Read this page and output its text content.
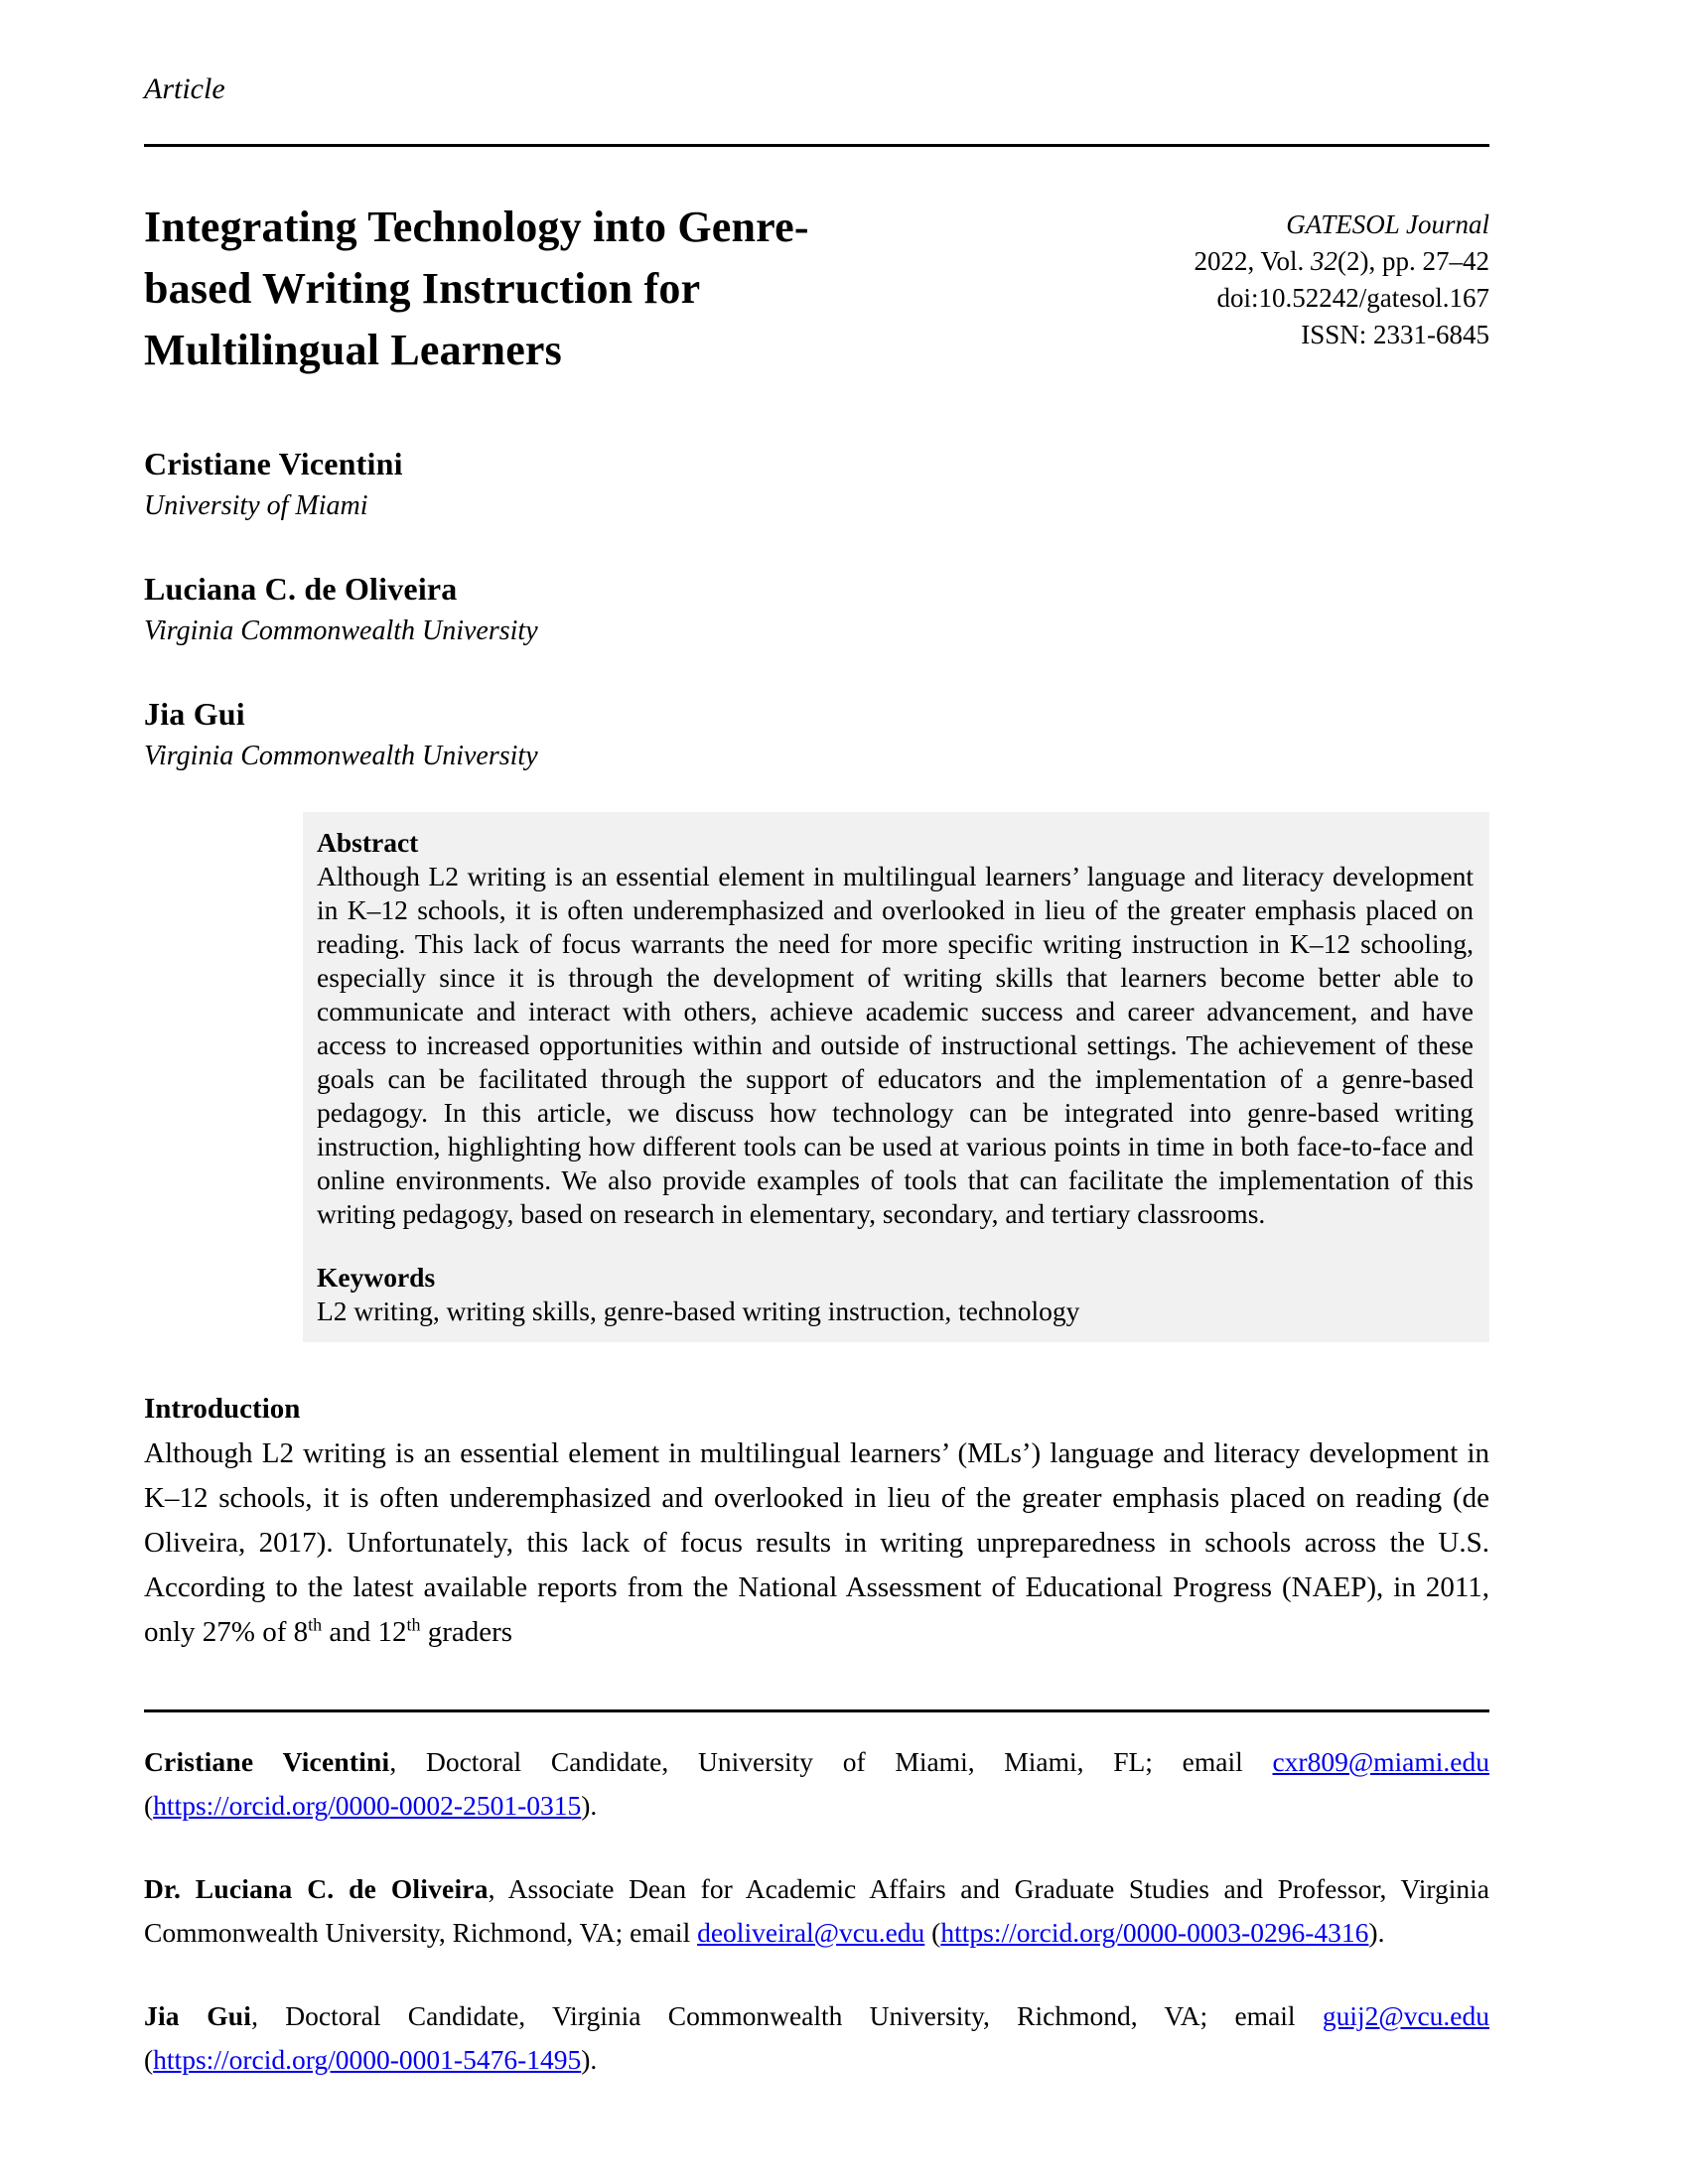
Article
Integrating Technology into Genre-
based Writing Instruction for
Multilingual Learners
GATESOL Journal
2022, Vol. 32(2), pp. 27–42
doi:10.52242/gatesol.167
ISSN: 2331-6845
Cristiane Vicentini
University of Miami
Luciana C. de Oliveira
Virginia Commonwealth University
Jia Gui
Virginia Commonwealth University
Abstract
Although L2 writing is an essential element in multilingual learners’ language and literacy development in K–12 schools, it is often underemphasized and overlooked in lieu of the greater emphasis placed on reading. This lack of focus warrants the need for more specific writing instruction in K–12 schooling, especially since it is through the development of writing skills that learners become better able to communicate and interact with others, achieve academic success and career advancement, and have access to increased opportunities within and outside of instructional settings. The achievement of these goals can be facilitated through the support of educators and the implementation of a genre-based pedagogy. In this article, we discuss how technology can be integrated into genre-based writing instruction, highlighting how different tools can be used at various points in time in both face-to-face and online environments. We also provide examples of tools that can facilitate the implementation of this writing pedagogy, based on research in elementary, secondary, and tertiary classrooms.
Keywords
L2 writing, writing skills, genre-based writing instruction, technology
Introduction
Although L2 writing is an essential element in multilingual learners’ (MLs’) language and literacy development in K–12 schools, it is often underemphasized and overlooked in lieu of the greater emphasis placed on reading (de Oliveira, 2017). Unfortunately, this lack of focus results in writing unpreparedness in schools across the U.S. According to the latest available reports from the National Assessment of Educational Progress (NAEP), in 2011, only 27% of 8th and 12th graders
Cristiane Vicentini, Doctoral Candidate, University of Miami, Miami, FL; email cxr809@miami.edu (https://orcid.org/0000-0002-2501-0315).
Dr. Luciana C. de Oliveira, Associate Dean for Academic Affairs and Graduate Studies and Professor, Virginia Commonwealth University, Richmond, VA; email deoliveiral@vcu.edu (https://orcid.org/0000-0003-0296-4316).
Jia Gui, Doctoral Candidate, Virginia Commonwealth University, Richmond, VA; email guij2@vcu.edu (https://orcid.org/0000-0001-5476-1495).
